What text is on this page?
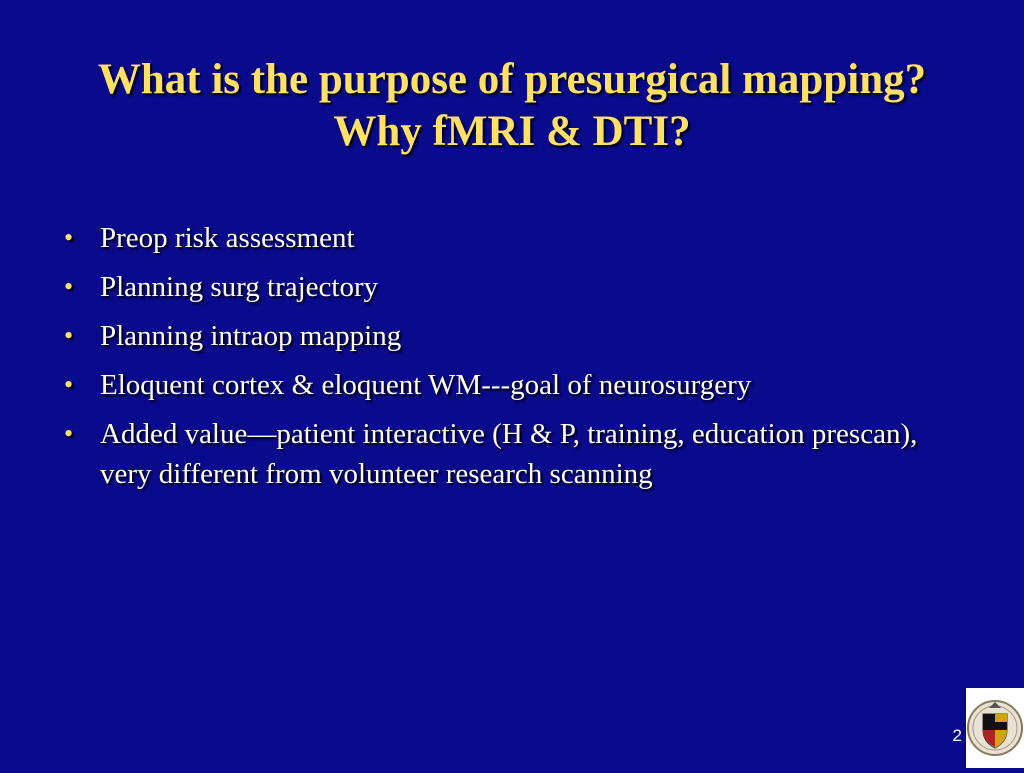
What is the purpose of presurgical mapping? Why fMRI & DTI?
• Preop risk assessment
• Planning surg trajectory
• Planning intraop mapping
• Eloquent cortex & eloquent WM---goal of neurosurgery
• Added value—patient interactive (H & P, training, education prescan), very different from volunteer research scanning
2
